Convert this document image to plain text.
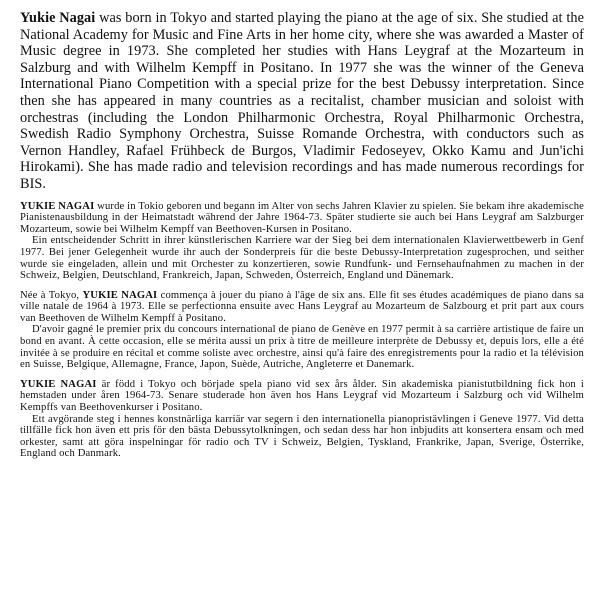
Yukie Nagai was born in Tokyo and started playing the piano at the age of six. She studied at the National Academy for Music and Fine Arts in her home city, where she was awarded a Master of Music degree in 1973. She completed her studies with Hans Leygraf at the Mozarteum in Salzburg and with Wilhelm Kempff in Positano. In 1977 she was the winner of the Geneva International Piano Competition with a special prize for the best Debussy interpretation. Since then she has appeared in many countries as a recitalist, chamber musician and soloist with orchestras (including the London Philharmonic Orchestra, Royal Philharmonic Orchestra, Swedish Radio Symphony Orchestra, Suisse Romande Orchestra, with conductors such as Vernon Handley, Rafael Frühbeck de Burgos, Vladimir Fedoseyev, Okko Kamu and Jun'ichi Hirokami). She has made radio and television recordings and has made numerous recordings for BIS.

YUKIE NAGAI wurde in Tokio geboren und begann im Alter von sechs Jahren Klavier zu spielen. Sie bekam ihre akademische Pianistenausbildung in der Heimatstadt während der Jahre 1964-73. Später studierte sie auch bei Hans Leygraf am Salzburger Mozarteum, sowie bei Wilhelm Kempff van Beethoven-Kursen in Positano.

Ein entscheidender Schritt in ihrer künstlerischen Karriere war der Sieg bei dem internationalen Klavierwettbewerb in Genf 1977. Bei jener Gelegenheit wurde ihr auch der Sonderpreis für die beste Debussy-Interpretation zugesprochen, und seither wurde sie eingeladen, allein und mit Orchester zu konzertieren, sowie Rundfunk- und Fernsehaufnahmen zu machen in der Schweiz, Belgien, Deutschland, Frankreich, Japan, Schweden, Österreich, England und Dänemark.

Née à Tokyo, YUKIE NAGAI commença à jouer du piano à l'âge de six ans. Elle fit ses études académiques de piano dans sa ville natale de 1964 à 1973. Elle se perfectionna ensuite avec Hans Leygraf au Mozarteum de Salzbourg et prit part aux cours van Beethoven de Wilhelm Kempff à Positano.

D'avoir gagné le premier prix du concours international de piano de Genève en 1977 permit à sa carrière artistique de faire un bond en avant. À cette occasion, elle se mérita aussi un prix à titre de meilleure interprète de Debussy et, depuis lors, elle a été invitée à se produire en récital et comme soliste avec orchestre, ainsi qu'à faire des enregistrements pour la radio et la télévision en Suisse, Belgique, Allemagne, France, Japon, Suède, Autriche, Angleterre et Danemark.

YUKIE NAGAI är född i Tokyo och började spela piano vid sex års ålder. Sin akademiska pianistutbildning fick hon i hemstaden under åren 1964-73. Senare studerade hon även hos Hans Leygraf vid Mozarteum i Salzburg och vid Wilhelm Kempffs van Beethovenkurser i Positano.

Ett avgörande steg i hennes konstnärliga karriär var segern i den internationella pianopristävlingen i Geneve 1977. Vid detta tillfälle fick hon även ett pris för den bästa Debussytolkningen, och sedan dess har hon inbjudits att konsertera ensam och med orkester, samt att göra inspelningar för radio och TV i Schweiz, Belgien, Tyskland, Frankrike, Japan, Sverige, Österrike, England och Danmark.
